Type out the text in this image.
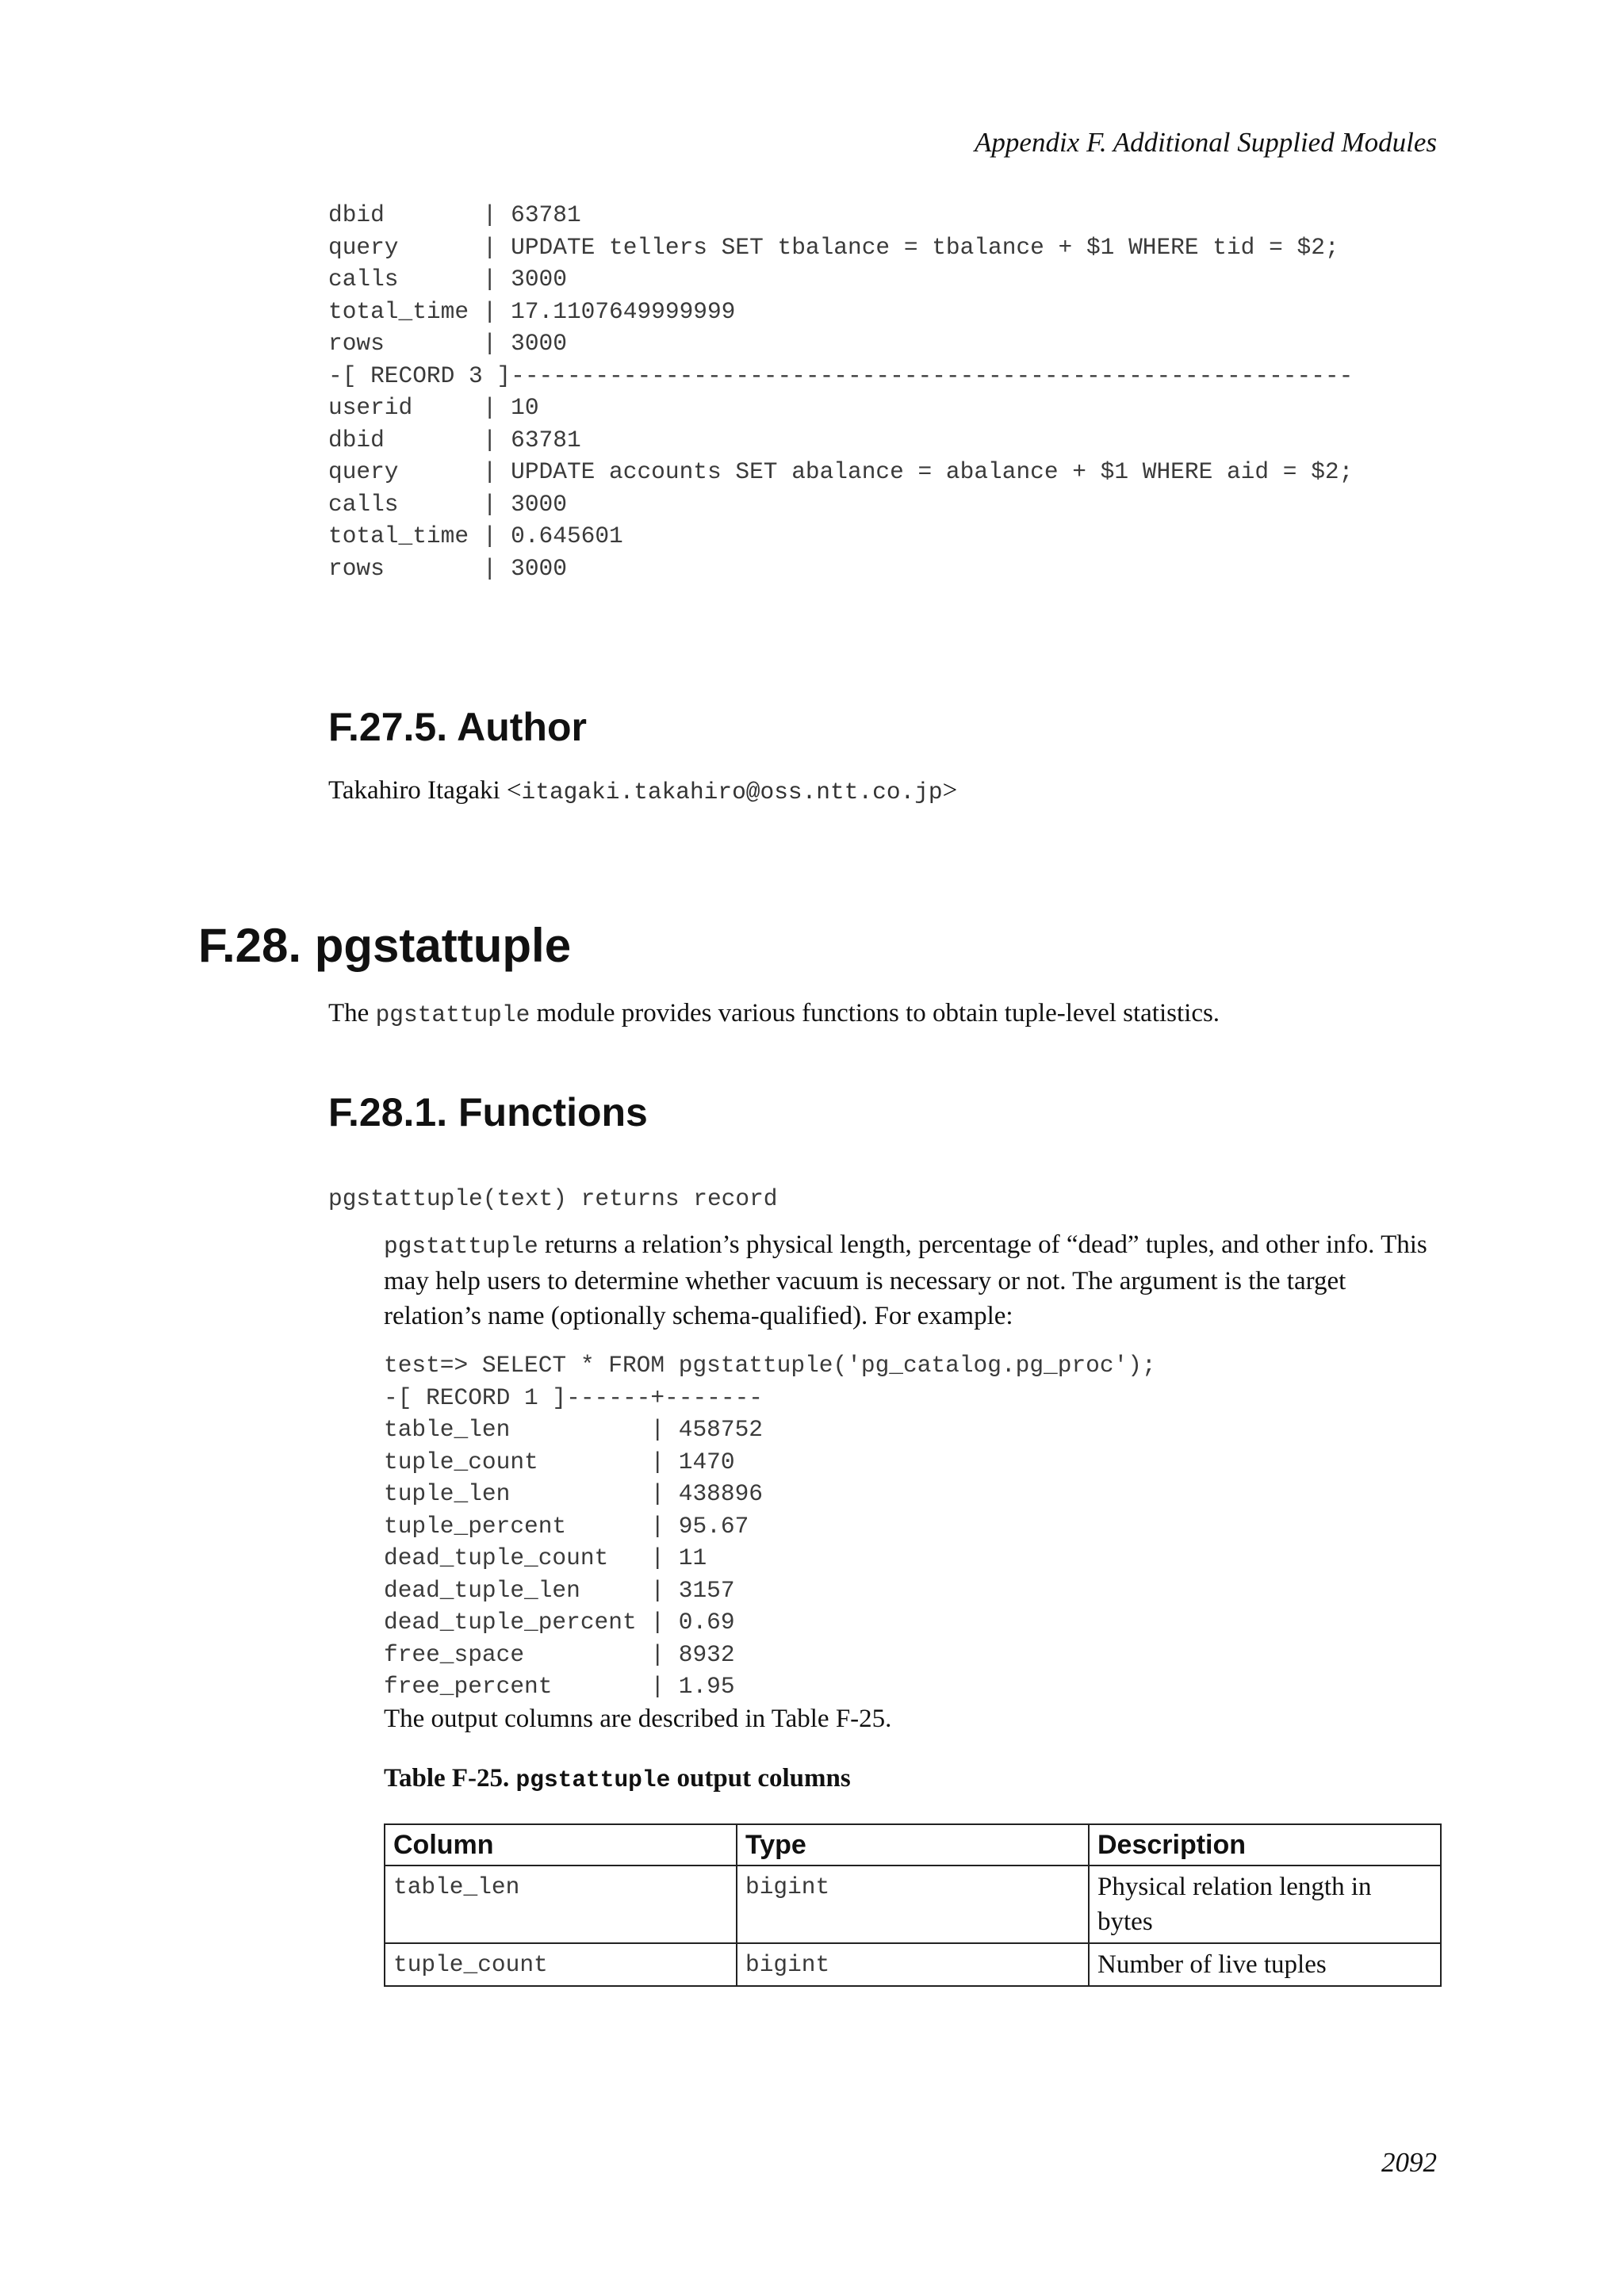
Appendix F. Additional Supplied Modules
dbid       | 63781
query      | UPDATE tellers SET tbalance = tbalance + $1 WHERE tid = $2;
calls      | 3000
total_time | 17.1107649999999
rows       | 3000
-[ RECORD 3 ]------------------------------------------------------------
userid     | 10
dbid       | 63781
query      | UPDATE accounts SET abalance = abalance + $1 WHERE aid = $2;
calls      | 3000
total_time | 0.645601
rows       | 3000
F.27.5. Author

Takahiro Itagaki <itagaki.takahiro@oss.ntt.co.jp>

F.28. pgstattuple

The pgstattuple module provides various functions to obtain tuple-level statistics.

F.28.1. Functions

pgstattuple(text) returns record

pgstattuple returns a relation’s physical length, percentage of “dead” tuples, and other info. This may help users to determine whether vacuum is necessary or not. The argument is the target relation’s name (optionally schema-qualified). For example:

test=> SELECT * FROM pgstattuple('pg_catalog.pg_proc');
-[ RECORD 1 ]------+-------
table_len          | 458752
tuple_count        | 1470
tuple_len          | 438896
tuple_percent      | 95.67
dead_tuple_count   | 11
dead_tuple_len     | 3157
dead_tuple_percent | 0.69
free_space         | 8932
free_percent       | 1.95

The output columns are described in Table F-25.

Table F-25. pgstattuple output columns

Column	Type	Description
table_len	bigint	Physical relation length in bytes
tuple_count	bigint	Number of live tuples
2092
